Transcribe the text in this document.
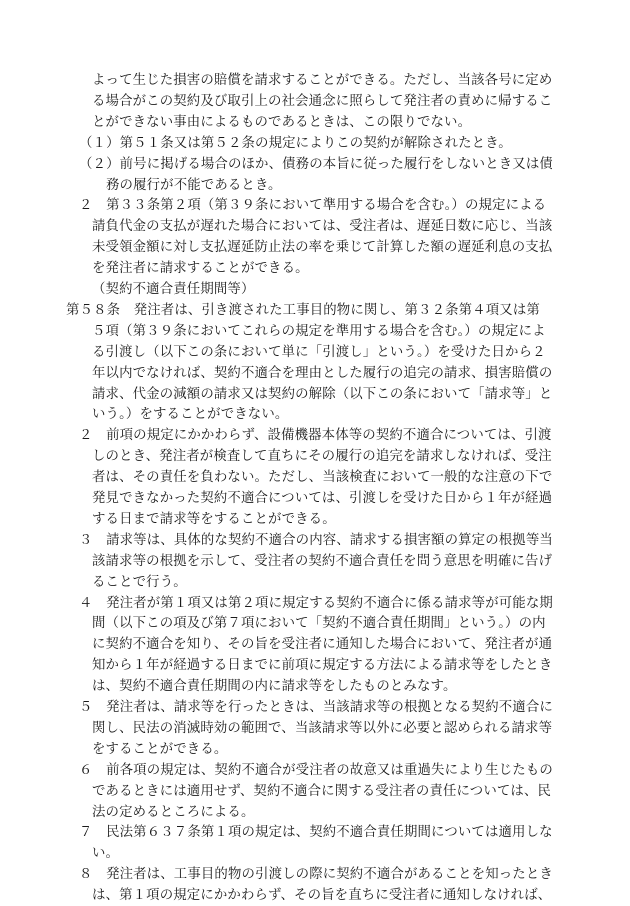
よって生じた損害の賠償を請求することができる。ただし、当該各号に定め
る場合がこの契約及び取引上の社会通念に照らして発注者の責めに帰するこ
とができない事由によるものであるときは、この限りでない。
（１）第５１条又は第５２条の規定によりこの契約が解除されたとき。
（２）前号に掲げる場合のほか、債務の本旨に従った履行をしないとき又は債
務の履行が不能であるとき。
２　第３３条第２項（第３９条において準用する場合を含む。）の規定による
請負代金の支払が遅れた場合においては、受注者は、遅延日数に応じ、当該
未受領金額に対し支払遅延防止法の率を乗じて計算した額の遅延利息の支払
を発注者に請求することができる。
（契約不適合責任期間等）
第５８条　発注者は、引き渡された工事目的物に関し、第３２条第４項又は第
５項（第３９条においてこれらの規定を準用する場合を含む。）の規定によ
る引渡し（以下この条において単に「引渡し」という。）を受けた日から２
年以内でなければ、契約不適合を理由とした履行の追完の請求、損害賠償の
請求、代金の減額の請求又は契約の解除（以下この条において「請求等」と
いう。）をすることができない。
２　前項の規定にかかわらず、設備機器本体等の契約不適合については、引渡
しのとき、発注者が検査して直ちにその履行の追完を請求しなければ、受注
者は、その責任を負わない。ただし、当該検査において一般的な注意の下で
発見できなかった契約不適合については、引渡しを受けた日から１年が経過
する日まで請求等をすることができる。
３　請求等は、具体的な契約不適合の内容、請求する損害額の算定の根拠等当
該請求等の根拠を示して、受注者の契約不適合責任を問う意思を明確に告げ
ることで行う。
４　発注者が第１項又は第２項に規定する契約不適合に係る請求等が可能な期
間（以下この項及び第７項において「契約不適合責任期間」という。）の内
に契約不適合を知り、その旨を受注者に通知した場合において、発注者が通
知から１年が経過する日までに前項に規定する方法による請求等をしたとき
は、契約不適合責任期間の内に請求等をしたものとみなす。
５　発注者は、請求等を行ったときは、当該請求等の根拠となる契約不適合に
関し、民法の消滅時効の範囲で、当該請求等以外に必要と認められる請求等
をすることができる。
６　前各項の規定は、契約不適合が受注者の故意又は重過失により生じたもの
であるときには適用せず、契約不適合に関する受注者の責任については、民
法の定めるところによる。
７　民法第６３７条第１項の規定は、契約不適合責任期間については適用しな
い。
８　発注者は、工事目的物の引渡しの際に契約不適合があることを知ったとき
は、第１項の規定にかかわらず、その旨を直ちに受注者に通知しなければ、
